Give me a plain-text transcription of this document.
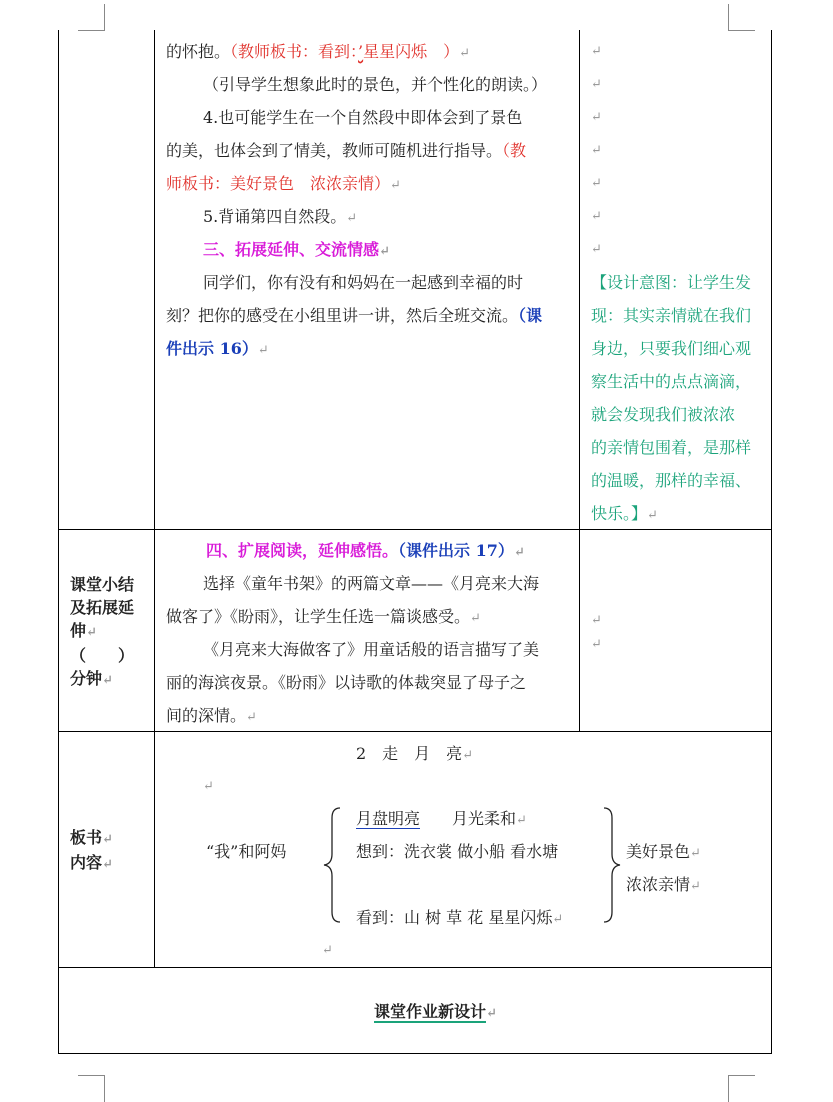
的怀抱。（教师板书：看到：’星星闪烁　）↵
（引导学生想象此时的景色，并个性化的朗读。）
4.也可能学生在一个自然段中即体会到了景色
的美，也体会到了情美，教师可随机进行指导。（教
师板书：美好景色　浓浓亲情）↵
5.背诵第四自然段。↵
三、拓展延伸、交流情感↵
同学们，你有没有和妈妈在一起感到幸福的时
刻？把你的感受在小组里讲一讲，然后全班交流。（课
件出示 16）↵
↵
↵
↵
↵
↵
↵
↵
【设计意图：让学生发
现：其实亲情就在我们
身边，只要我们细心观
察生活中的点点滴滴，
就会发现我们被浓浓
的亲情包围着，是那样
的温暖，那样的幸福、
快乐。】↵
课堂小结
及拓展延
伸↵
（　　）
分钟↵
四、扩展阅读，延伸感悟。（课件出示 17）↵
选择《童年书架》的两篇文章——《月亮来大海
做客了》《盼雨》，让学生任选一篇谈感受。↵
《月亮来大海做客了》用童话般的语言描写了美
丽的海滨夜景。《盼雨》以诗歌的体裁突显了母子之
间的深情。↵
↵
↵
板书↵
内容↵
2　走　月　亮↵
↵
“我”和阿妈
月盘明亮　　 月光柔和↵
想到：洗衣裳 做小船 看水塘
看到：山 树 草 花 星星闪烁↵
美好景色↵
浓浓亲情↵
↵
课堂作业新设计↵
